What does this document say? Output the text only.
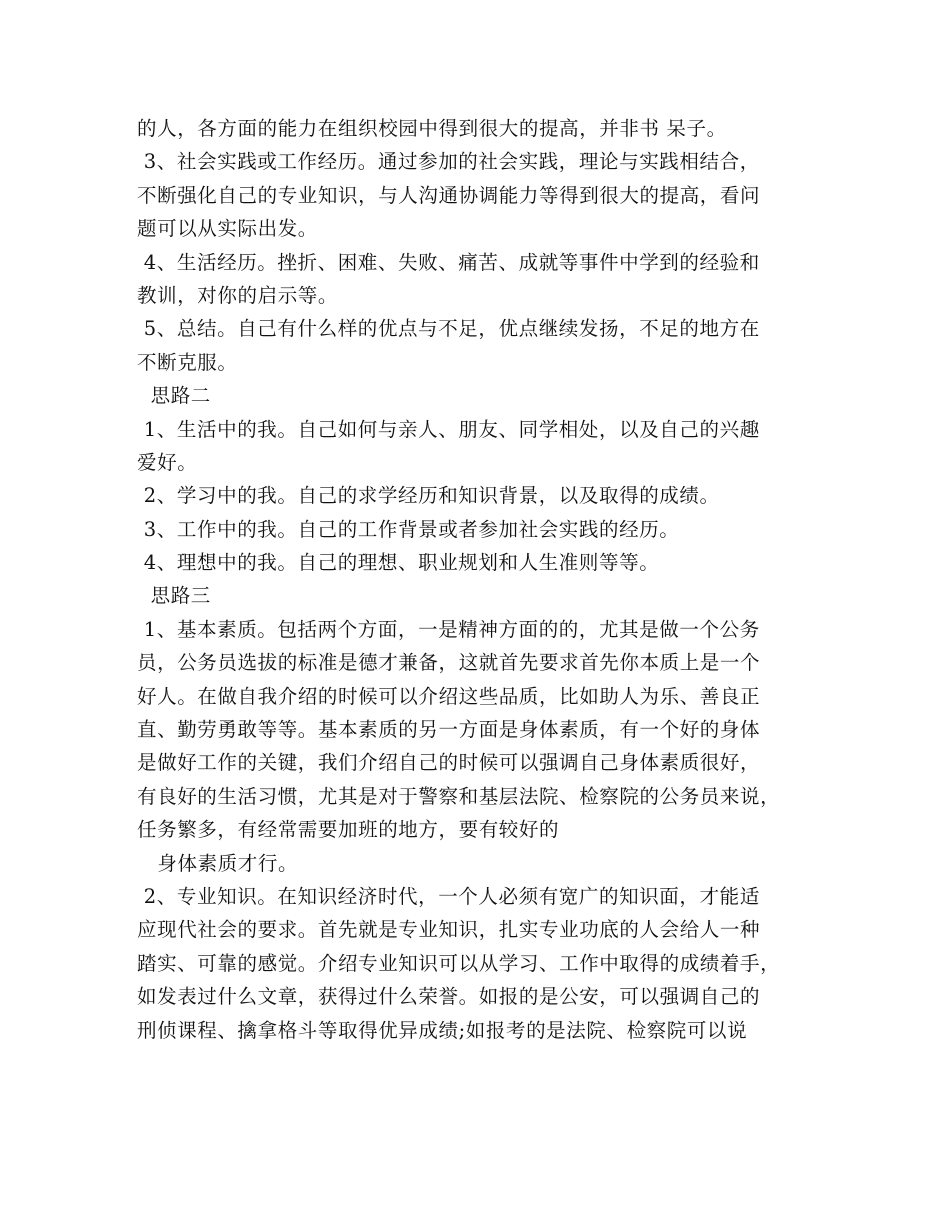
的人，各方面的能力在组织校园中得到很大的提高，并非书 呆子。
3、社会实践或工作经历。通过参加的社会实践，理论与实践相结合，
不断强化自己的专业知识，与人沟通协调能力等得到很大的提高，看问
题可以从实际出发。
4、生活经历。挫折、困难、失败、痛苦、成就等事件中学到的经验和
教训，对你的启示等。
5、总结。自己有什么样的优点与不足，优点继续发扬，不足的地方在
不断克服。
思路二
1、生活中的我。自己如何与亲人、朋友、同学相处，以及自己的兴趣
爱好。
2、学习中的我。自己的求学经历和知识背景，以及取得的成绩。
3、工作中的我。自己的工作背景或者参加社会实践的经历。
4、理想中的我。自己的理想、职业规划和人生准则等等。
思路三
1、基本素质。包括两个方面，一是精神方面的的，尤其是做一个公务
员，公务员选拔的标准是德才兼备，这就首先要求首先你本质上是一个
好人。在做自我介绍的时候可以介绍这些品质，比如助人为乐、善良正
直、勤劳勇敢等等。基本素质的另一方面是身体素质，有一个好的身体
是做好工作的关键，我们介绍自己的时候可以强调自己身体素质很好，
有良好的生活习惯，尤其是对于警察和基层法院、检察院的公务员来说，
任务繁多，有经常需要加班的地方，要有较好的
身体素质才行。
2、专业知识。在知识经济时代，一个人必须有宽广的知识面，才能适
应现代社会的要求。首先就是专业知识，扎实专业功底的人会给人一种
踏实、可靠的感觉。介绍专业知识可以从学习、工作中取得的成绩着手，
如发表过什么文章，获得过什么荣誉。如报的是公安，可以强调自己的
刑侦课程、擒拿格斗等取得优异成绩;如报考的是法院、检察院可以说
